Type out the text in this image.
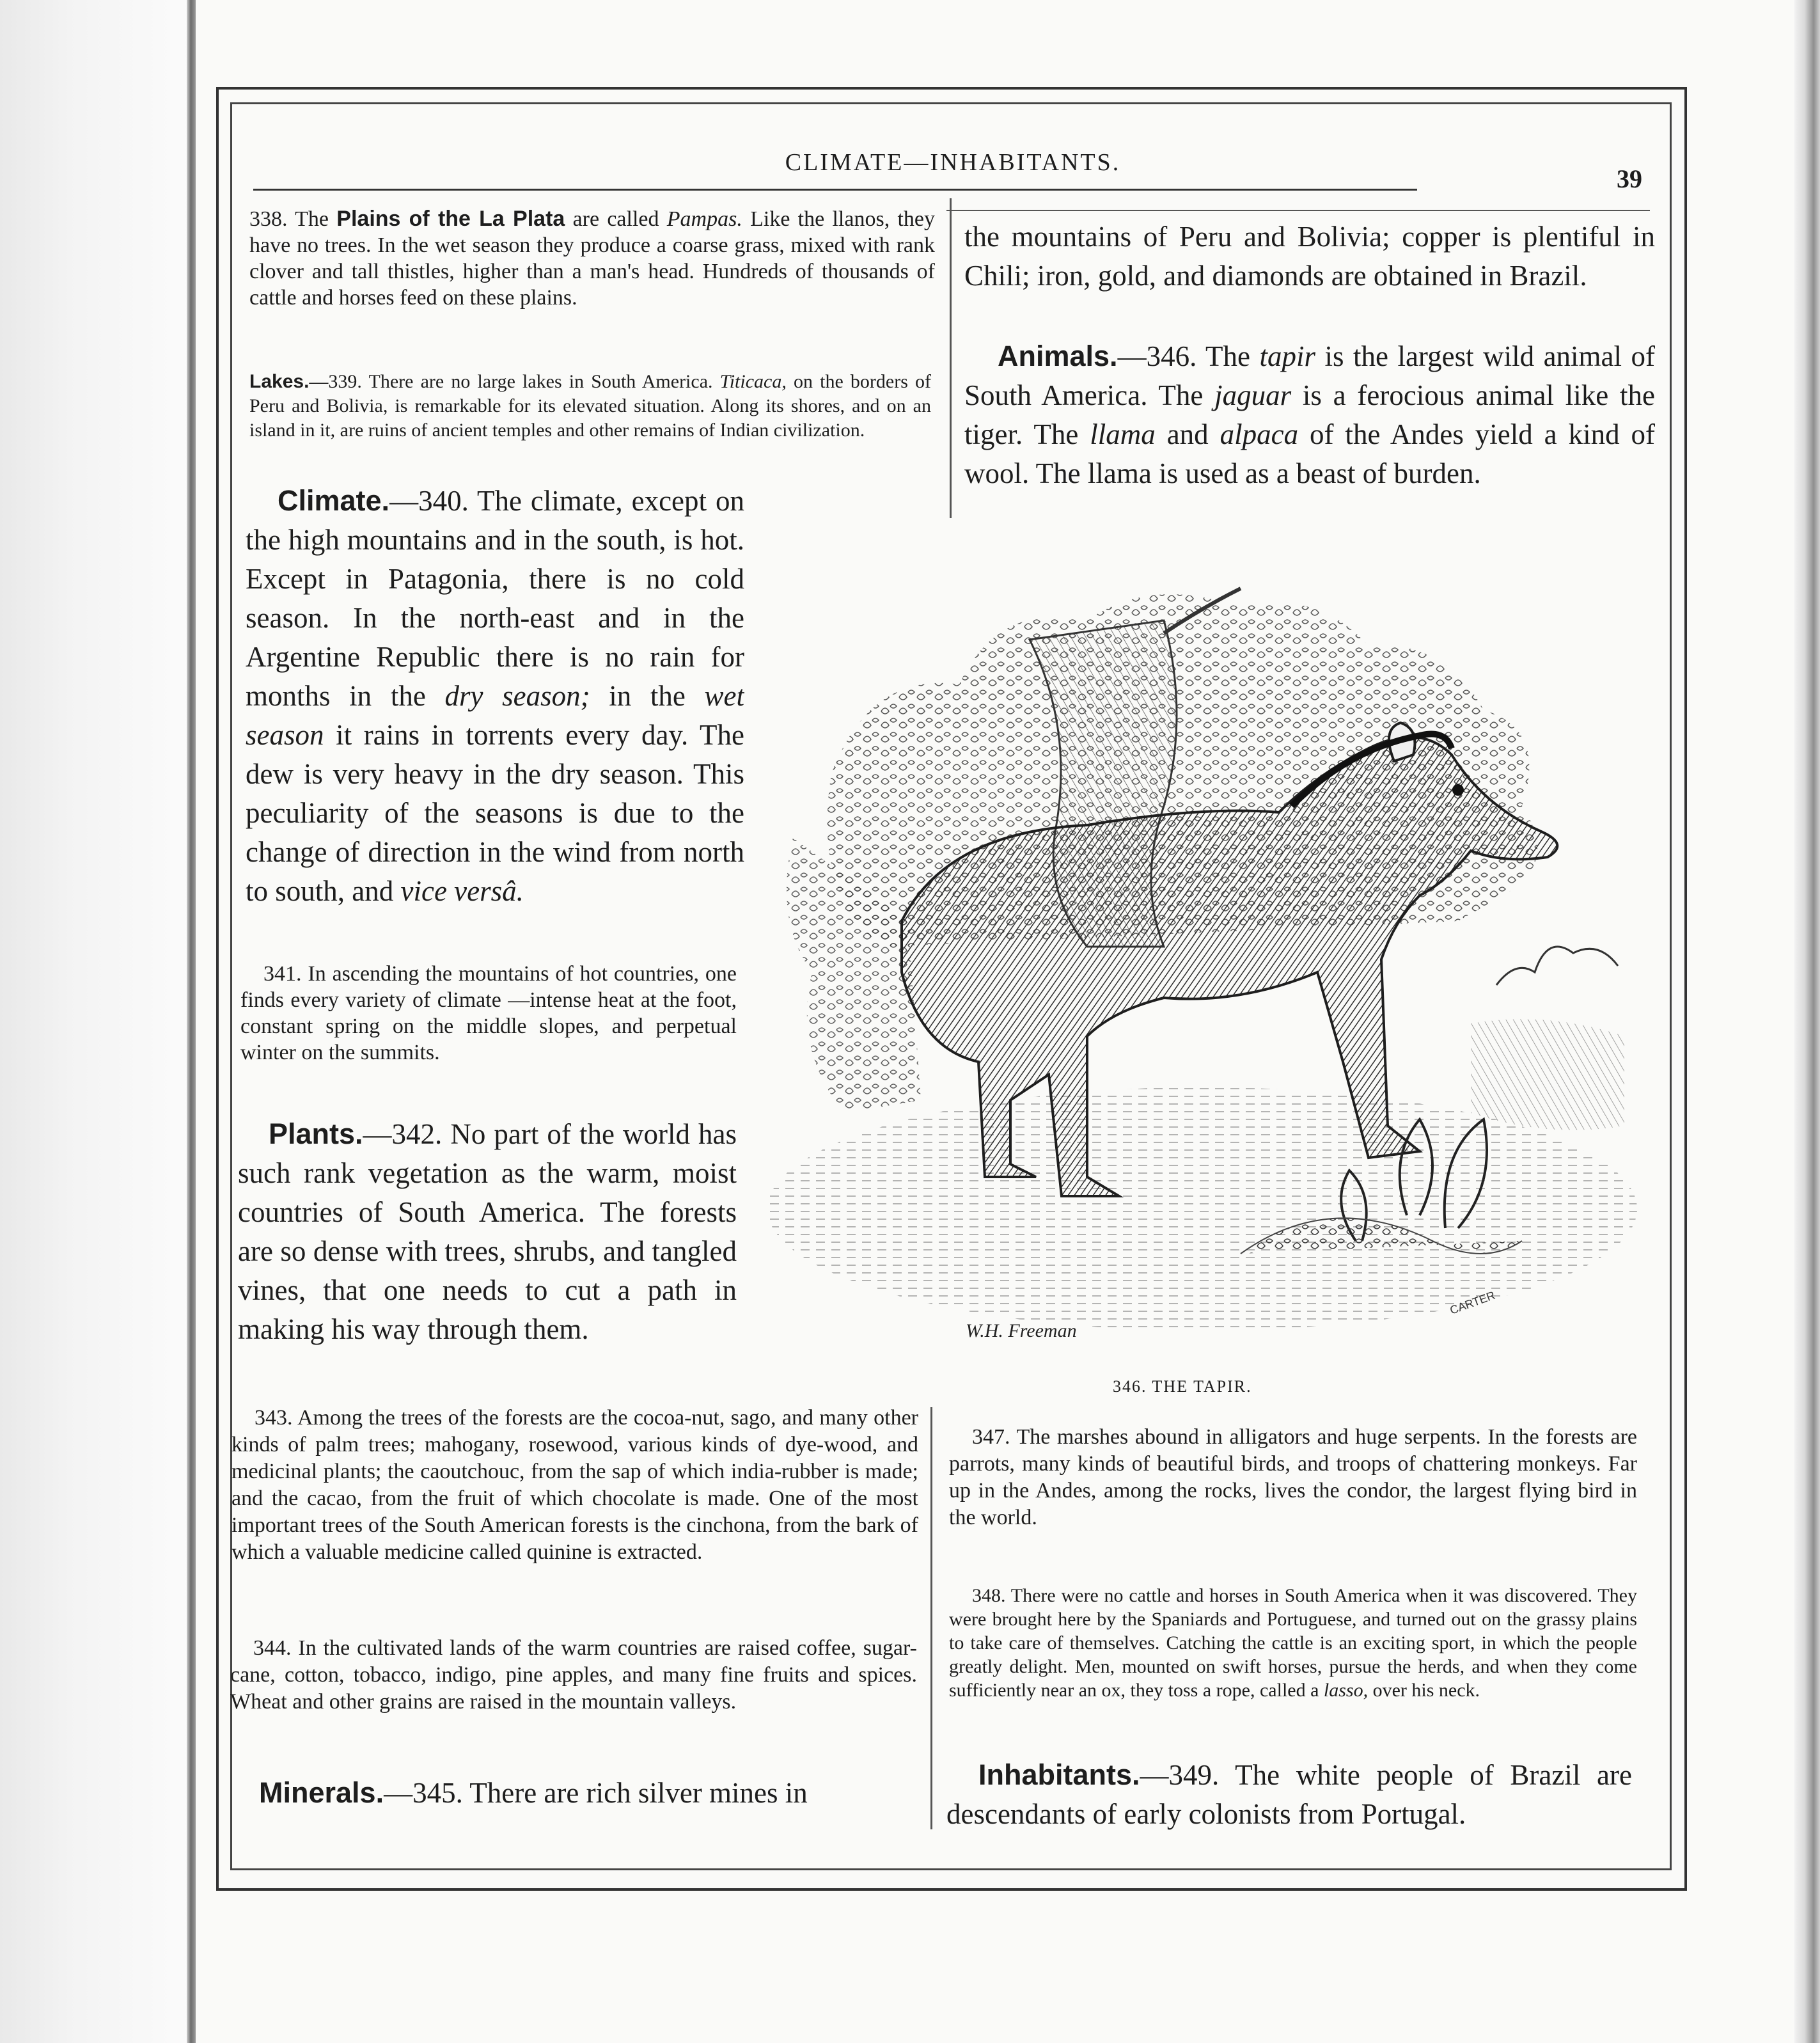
CLIMATE—INHABITANTS.
39
338. The Plains of the La Plata are called Pampas. Like the llanos, they have no trees. In the wet season they produce a coarse grass, mixed with rank clover and tall thistles, higher than a man's head. Hundreds of thousands of cattle and horses feed on these plains.
Lakes.—339. There are no large lakes in South America. Titicaca, on the borders of Peru and Bolivia, is remarkable for its elevated situation. Along its shores, and on an island in it, are ruins of ancient temples and other remains of Indian civilization.
Climate.—340. The climate, except on the high mountains and in the south, is hot. Except in Patagonia, there is no cold season. In the north-east and in the Argentine Republic there is no rain for months in the dry season; in the wet season it rains in torrents every day. The dew is very heavy in the dry season. This peculiarity of the seasons is due to the change of direction in the wind from north to south, and vice versâ.
341. In ascending the mountains of hot countries, one finds every variety of climate —intense heat at the foot, constant spring on the middle slopes, and perpetual winter on the summits.
Plants.—342. No part of the world has such rank vegetation as the warm, moist countries of South America. The forests are so dense with trees, shrubs, and tangled vines, that one needs to cut a path in making his way through them.
343. Among the trees of the forests are the cocoa-nut, sago, and many other kinds of palm trees; mahogany, rosewood, various kinds of dye-wood, and medicinal plants; the caoutchouc, from the sap of which india-rubber is made; and the cacao, from the fruit of which chocolate is made. One of the most important trees of the South American forests is the cinchona, from the bark of which a valuable medicine called quinine is extracted.
344. In the cultivated lands of the warm countries are raised coffee, sugar-cane, cotton, tobacco, indigo, pine apples, and many fine fruits and spices. Wheat and other grains are raised in the mountain valleys.
Minerals.—345. There are rich silver mines in
the mountains of Peru and Bolivia; copper is plentiful in Chili; iron, gold, and diamonds are obtained in Brazil.
Animals.—346. The tapir is the largest wild animal of South America. The jaguar is a ferocious animal like the tiger. The llama and alpaca of the Andes yield a kind of wool. The llama is used as a beast of burden.
W.H. Freeman
CARTER
346. THE TAPIR.
347. The marshes abound in alligators and huge serpents. In the forests are parrots, many kinds of beautiful birds, and troops of chattering monkeys. Far up in the Andes, among the rocks, lives the condor, the largest flying bird in the world.
348. There were no cattle and horses in South America when it was discovered. They were brought here by the Spaniards and Portuguese, and turned out on the grassy plains to take care of themselves. Catching the cattle is an exciting sport, in which the people greatly delight. Men, mounted on swift horses, pursue the herds, and when they come sufficiently near an ox, they toss a rope, called a lasso, over his neck.
Inhabitants.—349. The white people of Brazil are descendants of early colonists from Portugal.
